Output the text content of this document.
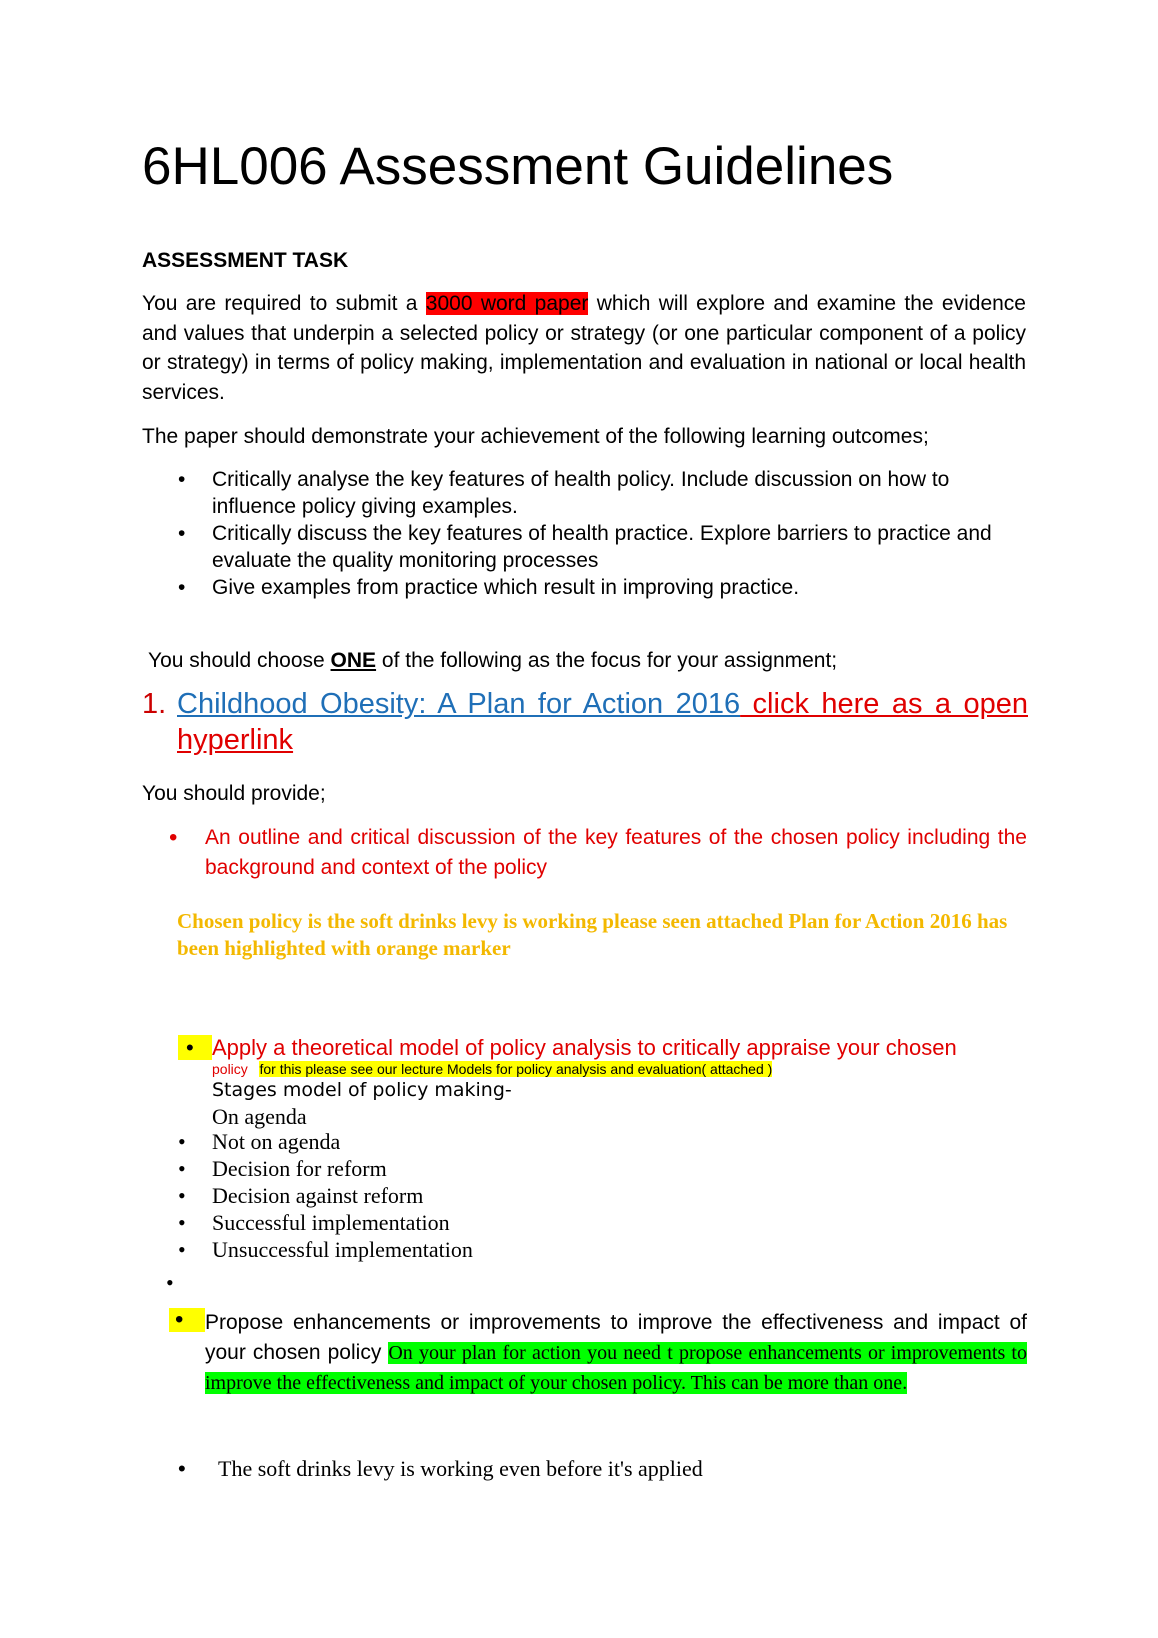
6HL006 Assessment Guidelines
ASSESSMENT TASK

You are required to submit a 3000 word paper which will explore and examine the evidence and values that underpin a selected policy or strategy (or one particular component of a policy or strategy) in terms of policy making, implementation and evaluation in national or local health services.

The paper should demonstrate your achievement of the following learning outcomes;

• Critically analyse the key features of health policy. Include discussion on how to influence policy giving examples.
• Critically discuss the key features of health practice. Explore barriers to practice and evaluate the quality monitoring processes
• Give examples from practice which result in improving practice.

You should choose ONE of the following as the focus for your assignment;

1. Childhood Obesity: A Plan for Action 2016 click here as a open hyperlink

You should provide;

• An outline and critical discussion of the key features of the chosen policy including the background and context of the policy

Chosen policy is the soft drinks levy is working please seen attached Plan for Action 2016 has been highlighted with orange marker

• Apply a theoretical model of policy analysis to critically appraise your chosen
policy for this please see our lecture Models for policy analysis and evaluation( attached )
Stages model of policy making-
On agenda
• Not on agenda
• Decision for reform
• Decision against reform
• Successful implementation
• Unsuccessful implementation
•

•	Propose enhancements or improvements to improve the effectiveness and impact of your chosen policy On your plan for action you need t propose enhancements or improvements to improve the effectiveness and impact of your chosen policy. This can be more than one.

• The soft drinks levy is working even before it's applied
